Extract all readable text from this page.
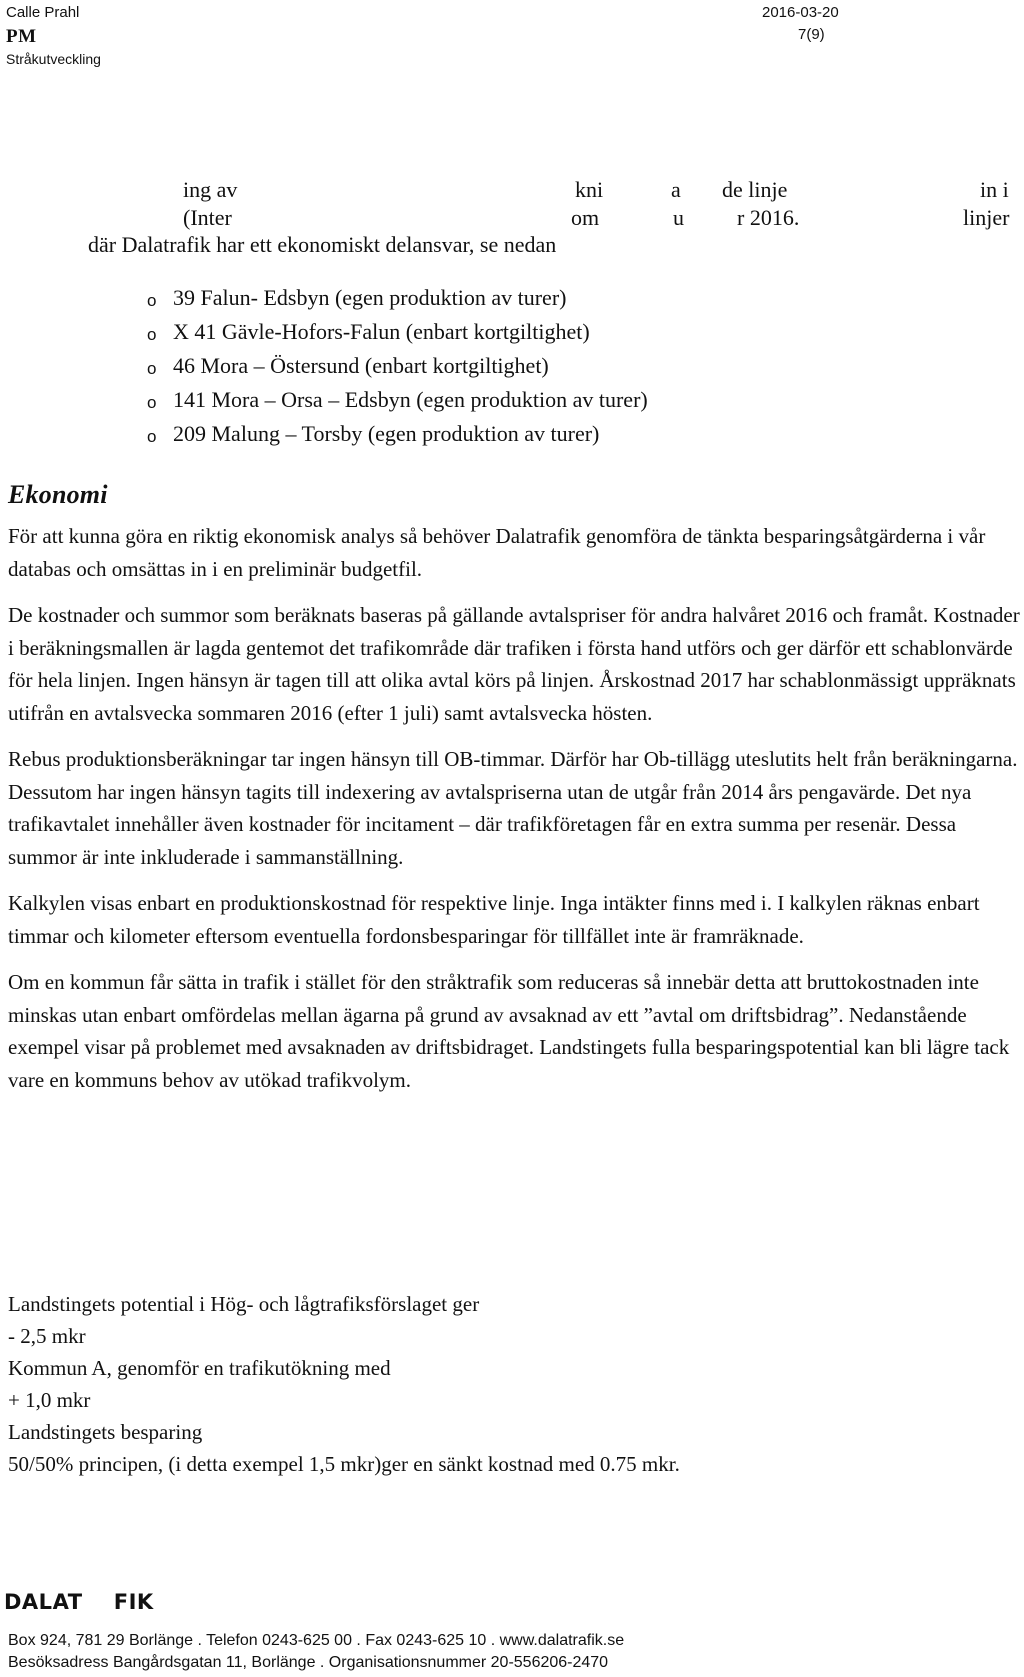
Calle Prahl
PM
Stråkutveckling
2016-03-20
7(9)
ing av	kni	a de linje	in i
(Inter	om	u r 2016.	linjer
där Dalatrafik har ett ekonomiskt delansvar, se nedan
o 39 Falun- Edsbyn (egen produktion av turer)
o X 41 Gävle-Hofors-Falun (enbart kortgiltighet)
o 46 Mora – Östersund (enbart kortgiltighet)
o 141 Mora – Orsa – Edsbyn (egen produktion av turer)
o 209 Malung – Torsby (egen produktion av turer)
Ekonomi

För att kunna göra en riktig ekonomisk analys så behöver Dalatrafik genomföra de tänkta besparingsåtgärderna i vår databas och omsättas in i en preliminär budgetfil.

De kostnader och summor som beräknats baseras på gällande avtalspriser för andra halvåret 2016 och framåt. Kostnader i beräkningsmallen är lagda gentemot det trafikområde där trafiken i första hand utförs och ger därför ett schablonvärde för hela linjen. Ingen hänsyn är tagen till att olika avtal körs på linjen. Årskostnad 2017 har schablonmässigt uppräknats utifrån en avtalsvecka sommaren 2016 (efter 1 juli) samt avtalsvecka hösten.

Rebus produktionsberäkningar tar ingen hänsyn till OB-timmar. Därför har Ob-tillägg uteslutits helt från beräkningarna. Dessutom har ingen hänsyn tagits till indexering av avtalspriserna utan de utgår från 2014 års pengavärde. Det nya trafikavtalet innehåller även kostnader för incitament – där trafikföretagen får en extra summa per resenär. Dessa summor är inte inkluderade i sammanställning.

Kalkylen visas enbart en produktionskostnad för respektive linje. Inga intäkter finns med i. I kalkylen räknas enbart timmar och kilometer eftersom eventuella fordonsbesparingar för tillfället inte är framräknade.

Om en kommun får sätta in trafik i stället för den stråktrafik som reduceras så innebär detta att bruttokostnaden inte minskas utan enbart omfördelas mellan ägarna på grund av avsaknad av ett ”avtal om driftsbidrag”. Nedanstående exempel visar på problemet med avsaknaden av driftsbidraget. Landstingets fulla besparingspotential kan bli lägre tack vare en kommuns behov av utökad trafikvolym.

Landstingets potential i Hög- och lågtrafiksförslaget ger
- 2,5 mkr
Kommun A, genomför en trafikutökning med
+ 1,0 mkr
Landstingets besparing
50/50% principen, (i detta exempel 1,5 mkr)ger en sänkt kostnad med 0.75 mkr.
DALAT    FIK
Box 924, 781 29 Borlänge . Telefon 0243-625 00 . Fax 0243-625 10 . www.dalatrafik.se
Besöksadress Bangårdsgatan 11, Borlänge . Organisationsnummer 20-556206-2470
